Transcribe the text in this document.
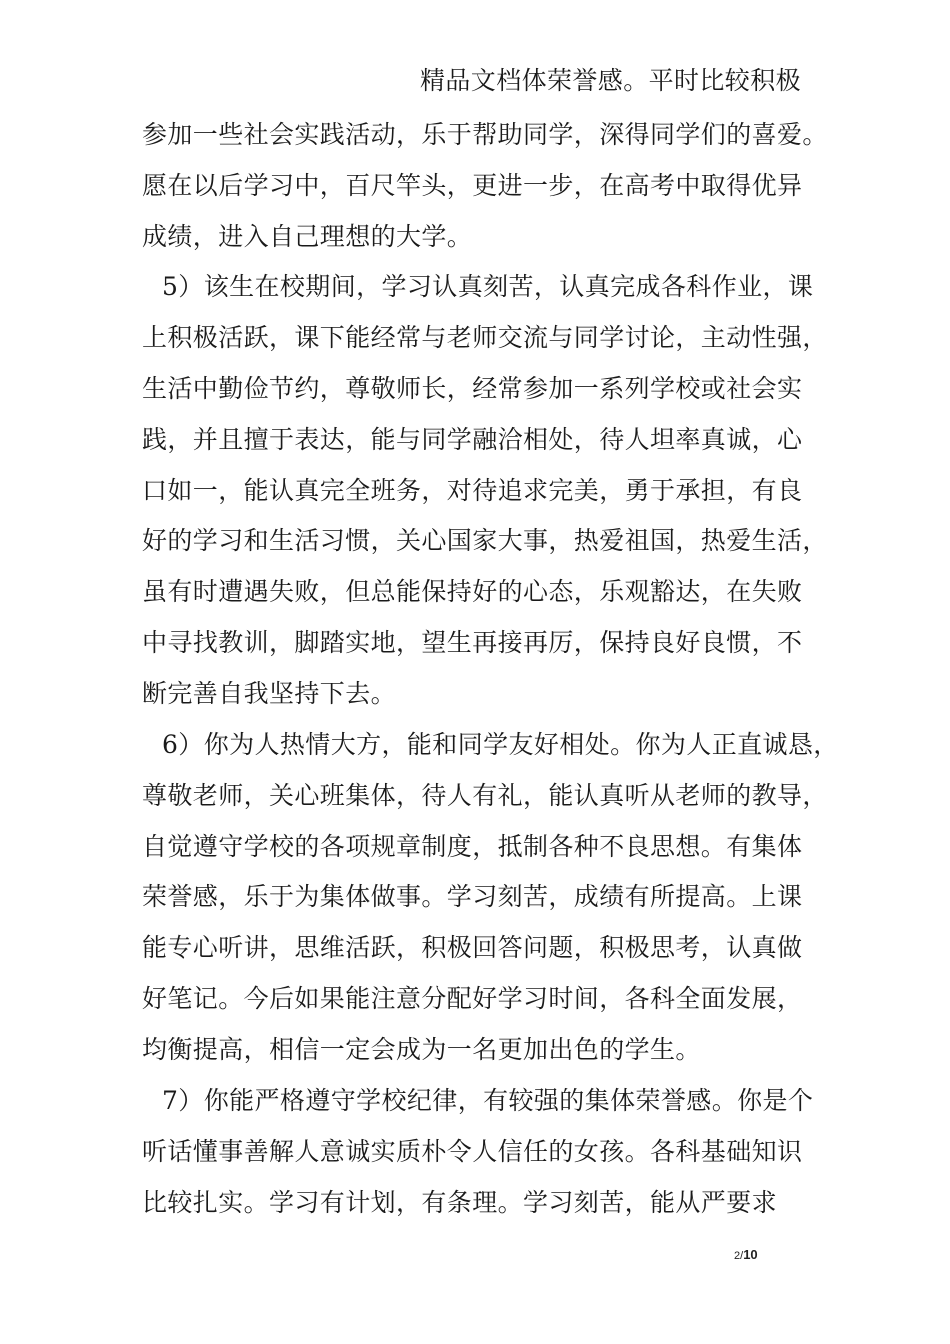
精品文档体荣誉感。平时比较积极
参加一些社会实践活动，乐于帮助同学，深得同学们的喜爱。
愿在以后学习中，百尺竿头，更进一步，在高考中取得优异
成绩，进入自己理想的大学。
5）该生在校期间，学习认真刻苦，认真完成各科作业，课
上积极活跃，课下能经常与老师交流与同学讨论，主动性强，
生活中勤俭节约，尊敬师长，经常参加一系列学校或社会实
践，并且擅于表达，能与同学融洽相处，待人坦率真诚，心
口如一，能认真完全班务，对待追求完美，勇于承担，有良
好的学习和生活习惯，关心国家大事，热爱祖国，热爱生活，
虽有时遭遇失败，但总能保持好的心态，乐观豁达，在失败
中寻找教训，脚踏实地，望生再接再厉，保持良好良惯，不
断完善自我坚持下去。
6）你为人热情大方，能和同学友好相处。你为人正直诚恳，
尊敬老师，关心班集体，待人有礼，能认真听从老师的教导，
自觉遵守学校的各项规章制度，抵制各种不良思想。有集体
荣誉感，乐于为集体做事。学习刻苦，成绩有所提高。上课
能专心听讲，思维活跃，积极回答问题，积极思考，认真做
好笔记。今后如果能注意分配好学习时间，各科全面发展，
均衡提高，相信一定会成为一名更加出色的学生。
7）你能严格遵守学校纪律，有较强的集体荣誉感。你是个
听话懂事善解人意诚实质朴令人信任的女孩。各科基础知识
比较扎实。学习有计划，有条理。学习刻苦，能从严要求
2/10
